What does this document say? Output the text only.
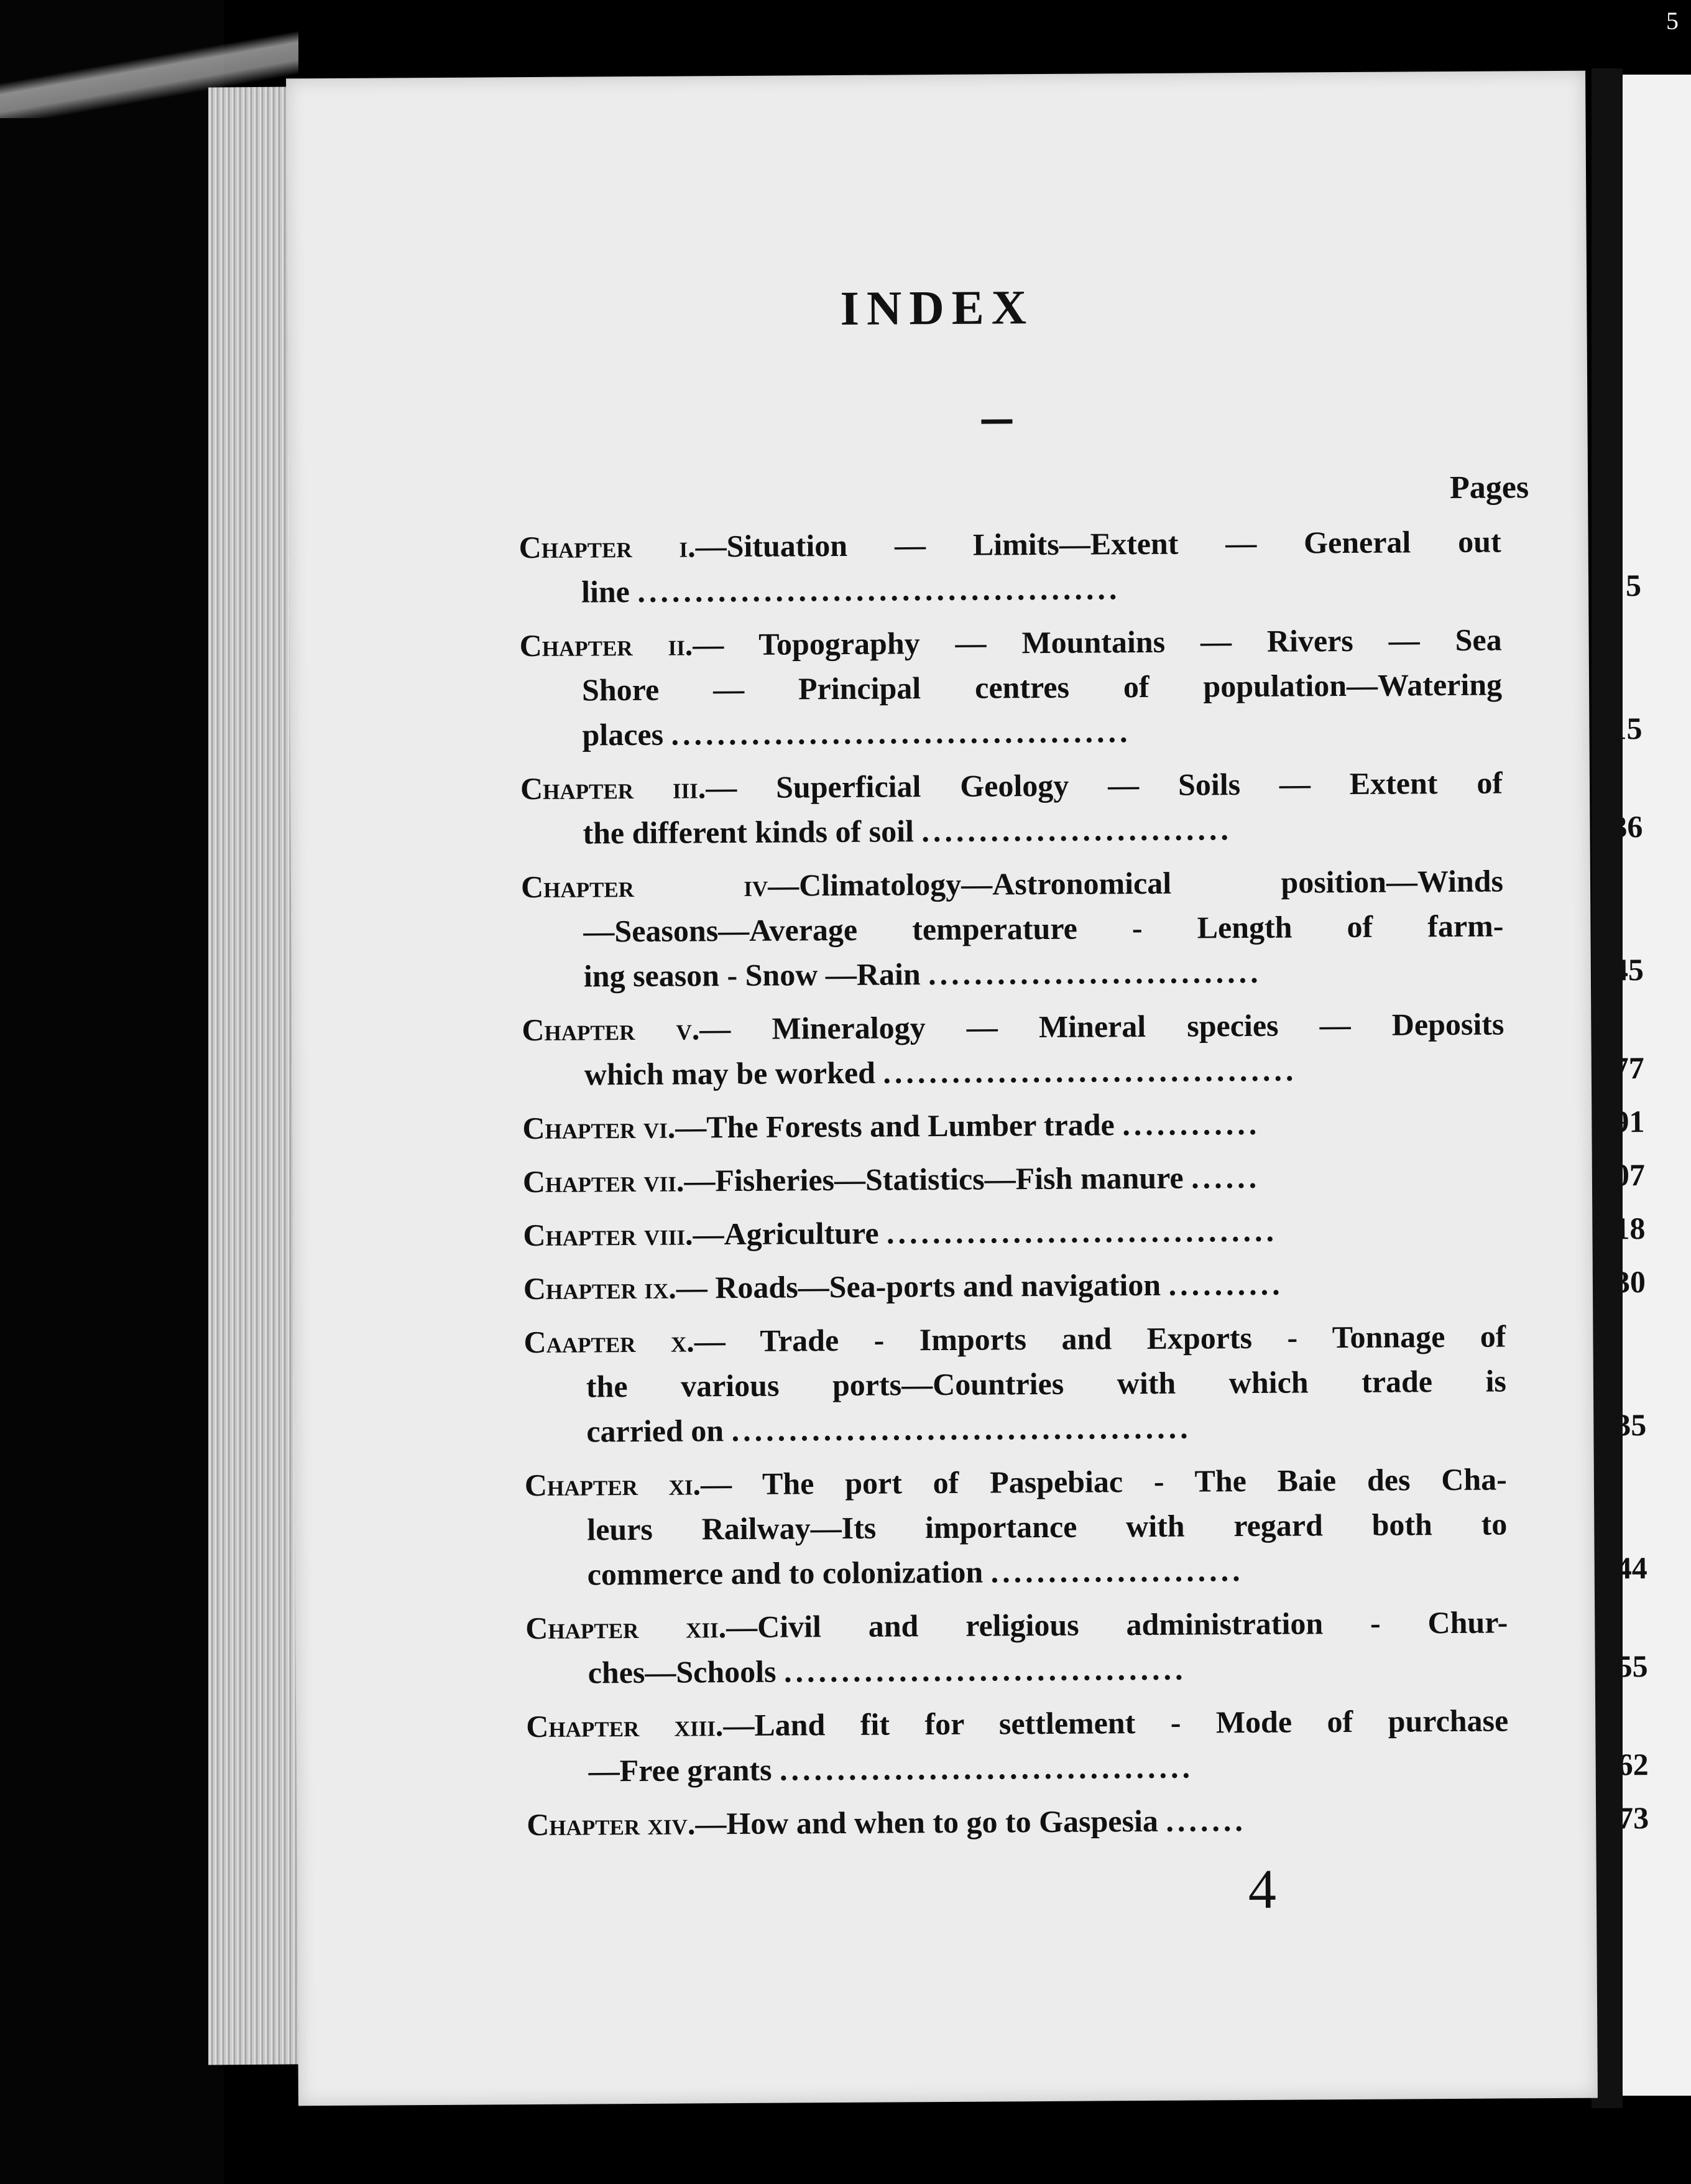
5
INDEX
Pages
Chapter i.—Situation — Limits—Extent — General out
line ..........................................	5
Chapter ii.— Topography — Mountains — Rivers — Sea
Shore — Principal centres of population—Watering
places ........................................	15
Chapter iii.— Superficial Geology — Soils — Extent of
the different kinds of soil ...........................	36
Chapter iv—Climatology—Astronomical position—Winds
—Seasons—Average temperature - Length of farm-
ing season - Snow —Rain .............................	45
Chapter v.— Mineralogy — Mineral species — Deposits
which may be worked ....................................	77
Chapter vi.—The Forests and Lumber trade ............	91
Chapter vii.—Fisheries—Statistics—Fish manure ......	107
Chapter viii.—Agriculture ..................................	118
Chapter ix.— Roads—Sea-ports and navigation ..........	130
Caapter x.— Trade - Imports and Exports - Tonnage of
the various ports—Countries with which trade is
carried on ........................................	135
Chapter xi.— The port of Paspebiac - The Baie des Cha-
leurs Railway—Its importance with regard both to
commerce and to colonization ......................	144
Chapter xii.—Civil and religious administration - Chur-
ches—Schools ...................................	155
Chapter xiii.—Land fit for settlement - Mode of purchase
—Free grants ....................................	162
Chapter xiv.—How and when to go to Gaspesia .......	173
4
